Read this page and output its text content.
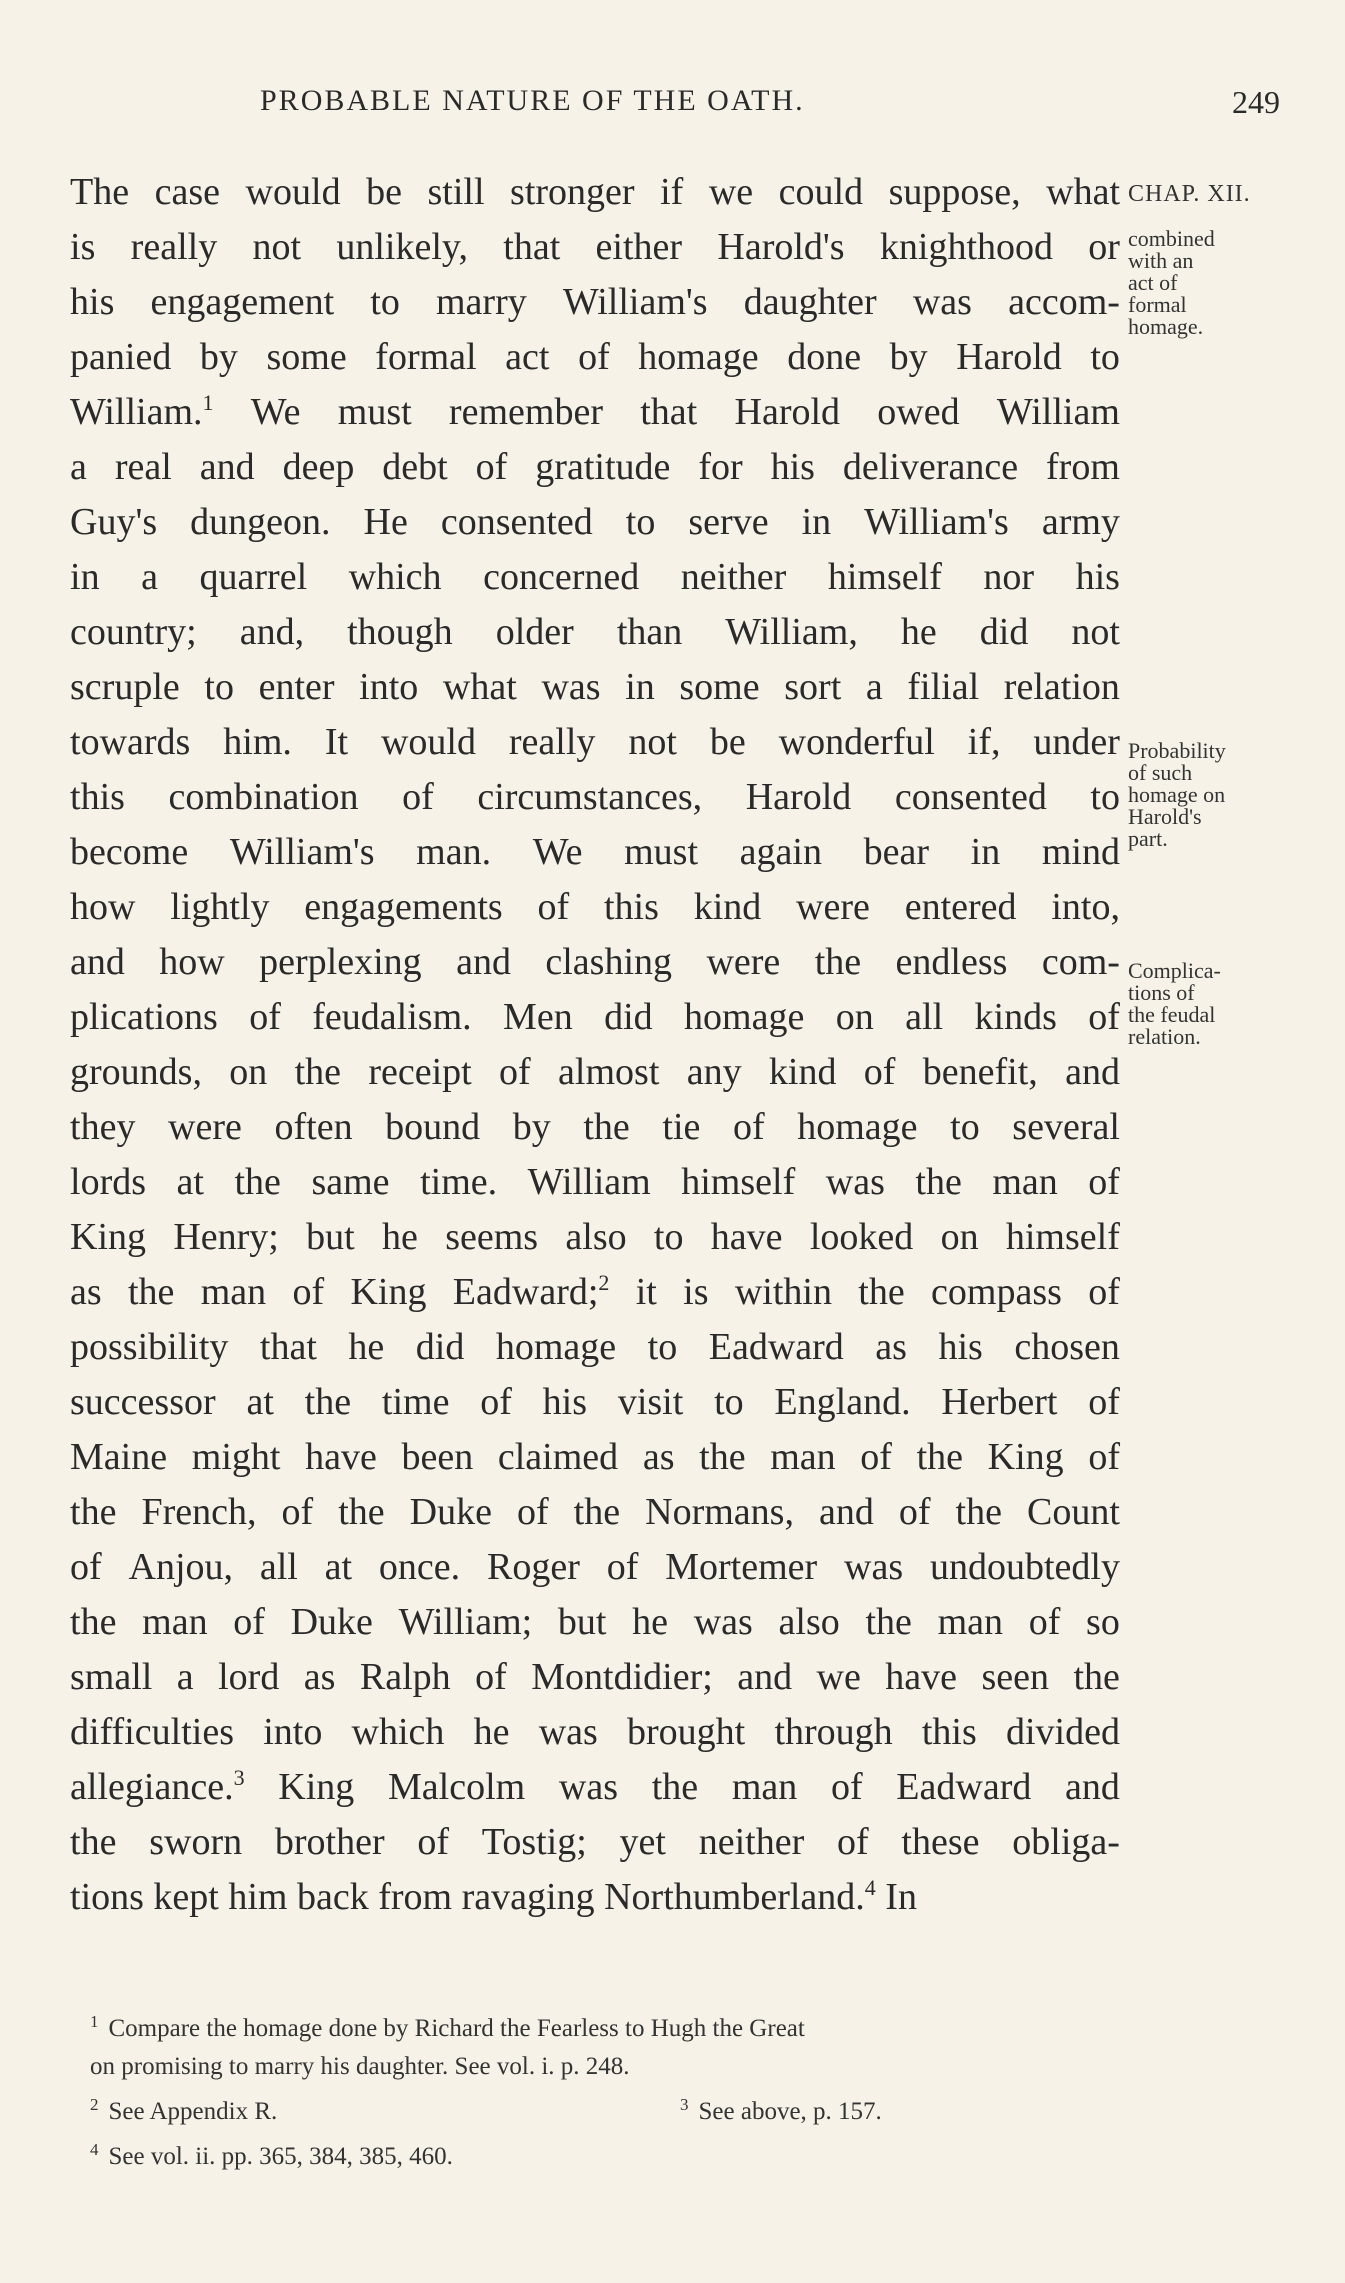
PROBABLE NATURE OF THE OATH.	249
The case would be still stronger if we could suppose, what
is really not unlikely, that either Harold's knighthood or
his engagement to marry William's daughter was accom-
panied by some formal act of homage done by Harold to
William.$^1$ We must remember that Harold owed William
a real and deep debt of gratitude for his deliverance from
Guy's dungeon. He consented to serve in William's army
in a quarrel which concerned neither himself nor his
country; and, though older than William, he did not
scruple to enter into what was in some sort a filial relation
towards him. It would really not be wonderful if, under
this combination of circumstances, Harold consented to
become William's man. We must again bear in mind
how lightly engagements of this kind were entered into,
and how perplexing and clashing were the endless com-
plications of feudalism. Men did homage on all kinds of
grounds, on the receipt of almost any kind of benefit, and
they were often bound by the tie of homage to several
lords at the same time. William himself was the man of
King Henry; but he seems also to have looked on himself
as the man of King Eadward;$^2$ it is within the compass of
possibility that he did homage to Eadward as his chosen
successor at the time of his visit to England. Herbert of
Maine might have been claimed as the man of the King of
the French, of the Duke of the Normans, and of the Count
of Anjou, all at once. Roger of Mortemer was undoubtedly
the man of Duke William; but he was also the man of so
small a lord as Ralph of Montdidier; and we have seen the
difficulties into which he was brought through this divided
allegiance.$^3$ King Malcolm was the man of Eadward and
the sworn brother of Tostig; yet neither of these obliga-
tions kept him back from ravaging Northumberland.$^4$ In
CHAP. XII.
combined
with an
act of
formal
homage.
Probability
of such
homage on
Harold's
part.
Complica-
tions of
the feudal
relation.
$^1$ Compare the homage done by Richard the Fearless to Hugh the Great
on promising to marry his daughter. See vol. i. p. 248.
$^2$ See Appendix R.	$^3$ See above, p. 157.
$^4$ See vol. ii. pp. 365, 384, 385, 460.
